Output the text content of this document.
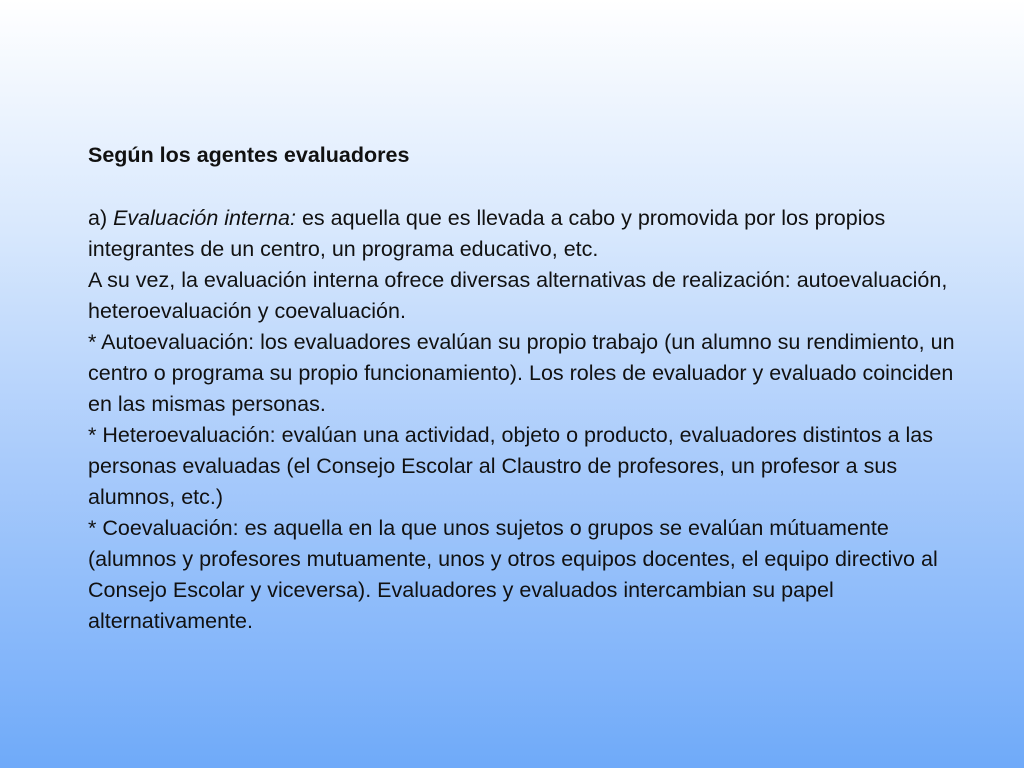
Según los agentes evaluadores

a) Evaluación interna: es aquella que es llevada a cabo y promovida por los propios integrantes de un centro, un programa educativo, etc.

A su vez, la evaluación interna ofrece diversas alternativas de realización: autoevaluación, heteroevaluación y coevaluación.

* Autoevaluación: los evaluadores evalúan su propio trabajo (un alumno su rendimiento, un centro o programa su propio funcionamiento). Los roles de evaluador y evaluado coinciden en las mismas personas.

* Heteroevaluación: evalúan una actividad, objeto o producto, evaluadores distintos a las personas evaluadas (el Consejo Escolar al Claustro de profesores, un profesor a sus alumnos, etc.)

* Coevaluación: es aquella en la que unos sujetos o grupos se evalúan mútuamente (alumnos y profesores mutuamente, unos y otros equipos docentes, el equipo directivo al Consejo Escolar y viceversa). Evaluadores y evaluados intercambian su papel alternativamente.
